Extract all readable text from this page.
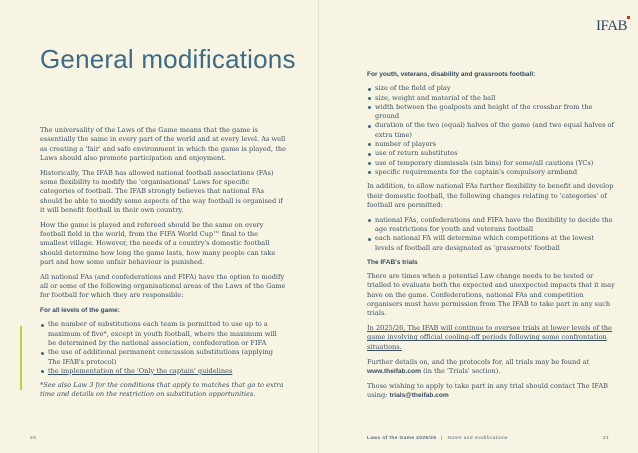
General modifications

The universality of the Laws of the Game means that the game is essentially the same in every part of the world and at every level. As well as creating a 'fair' and safe environment in which the game is played, the Laws should also promote participation and enjoyment.

Historically, The IFAB has allowed national football associations (FAs) some flexibility to modify the 'organisational' Laws for specific categories of football. The IFAB strongly believes that national FAs should be able to modify some aspects of the way football is organised if it will benefit football in their own country.

How the game is played and refereed should be the same on every football field in the world, from the FIFA World Cup™ final to the smallest village. However, the needs of a country's domestic football should determine how long the game lasts, how many people can take part and how some unfair behaviour is punished.

All national FAs (and confederations and FIFA) have the option to modify all or some of the following organisational areas of the Laws of the Game for football for which they are responsible:

For all levels of the game:
the number of substitutions each team is permitted to use up to a maximum of five*, except in youth football, where the maximum will be determined by the national association, confederation or FIFA
the use of additional permanent concussion substitutions (applying The IFAB's protocol)
the implementation of the 'Only the captain' guidelines

*See also Law 3 for the conditions that apply to matches that go to extra time and details on the restriction on substitution opportunities.

For youth, veterans, disability and grassroots football:
size of the field of play
size, weight and material of the ball
width between the goalposts and height of the crossbar from the ground
duration of the two (equal) halves of the game (and two equal halves of extra time)
number of players
use of return substitutes
use of temporary dismissals (sin bins) for some/all cautions (YCs)
specific requirements for the captain's compulsory armband

In addition, to allow national FAs further flexibility to benefit and develop their domestic football, the following changes relating to 'categories' of football are permitted:

national FAs, confederations and FIFA have the flexibility to decide the age restrictions for youth and veterans football
each national FA will determine which competitions at the lowest levels of football are designated as 'grassroots' football
The IFAB's trials

There are times when a potential Law change needs to be tested or trialled to evaluate both the expected and unexpected impacts that it may have on the game. Confederations, national FAs and competition organisers must have permission from The IFAB to take part in any such trials.

In 2025/26, The IFAB will continue to oversee trials at lower levels of the game involving official cooling-off periods following some confrontation situations.

Further details on, and the protocols for, all trials may be found at www.theifab.com (in the 'Trials' section).

Those wishing to apply to take part in any trial should contact The IFAB using: trials@theifab.com

IFAB
20	Laws of the Game 2025/26 | Notes and modifications	21
